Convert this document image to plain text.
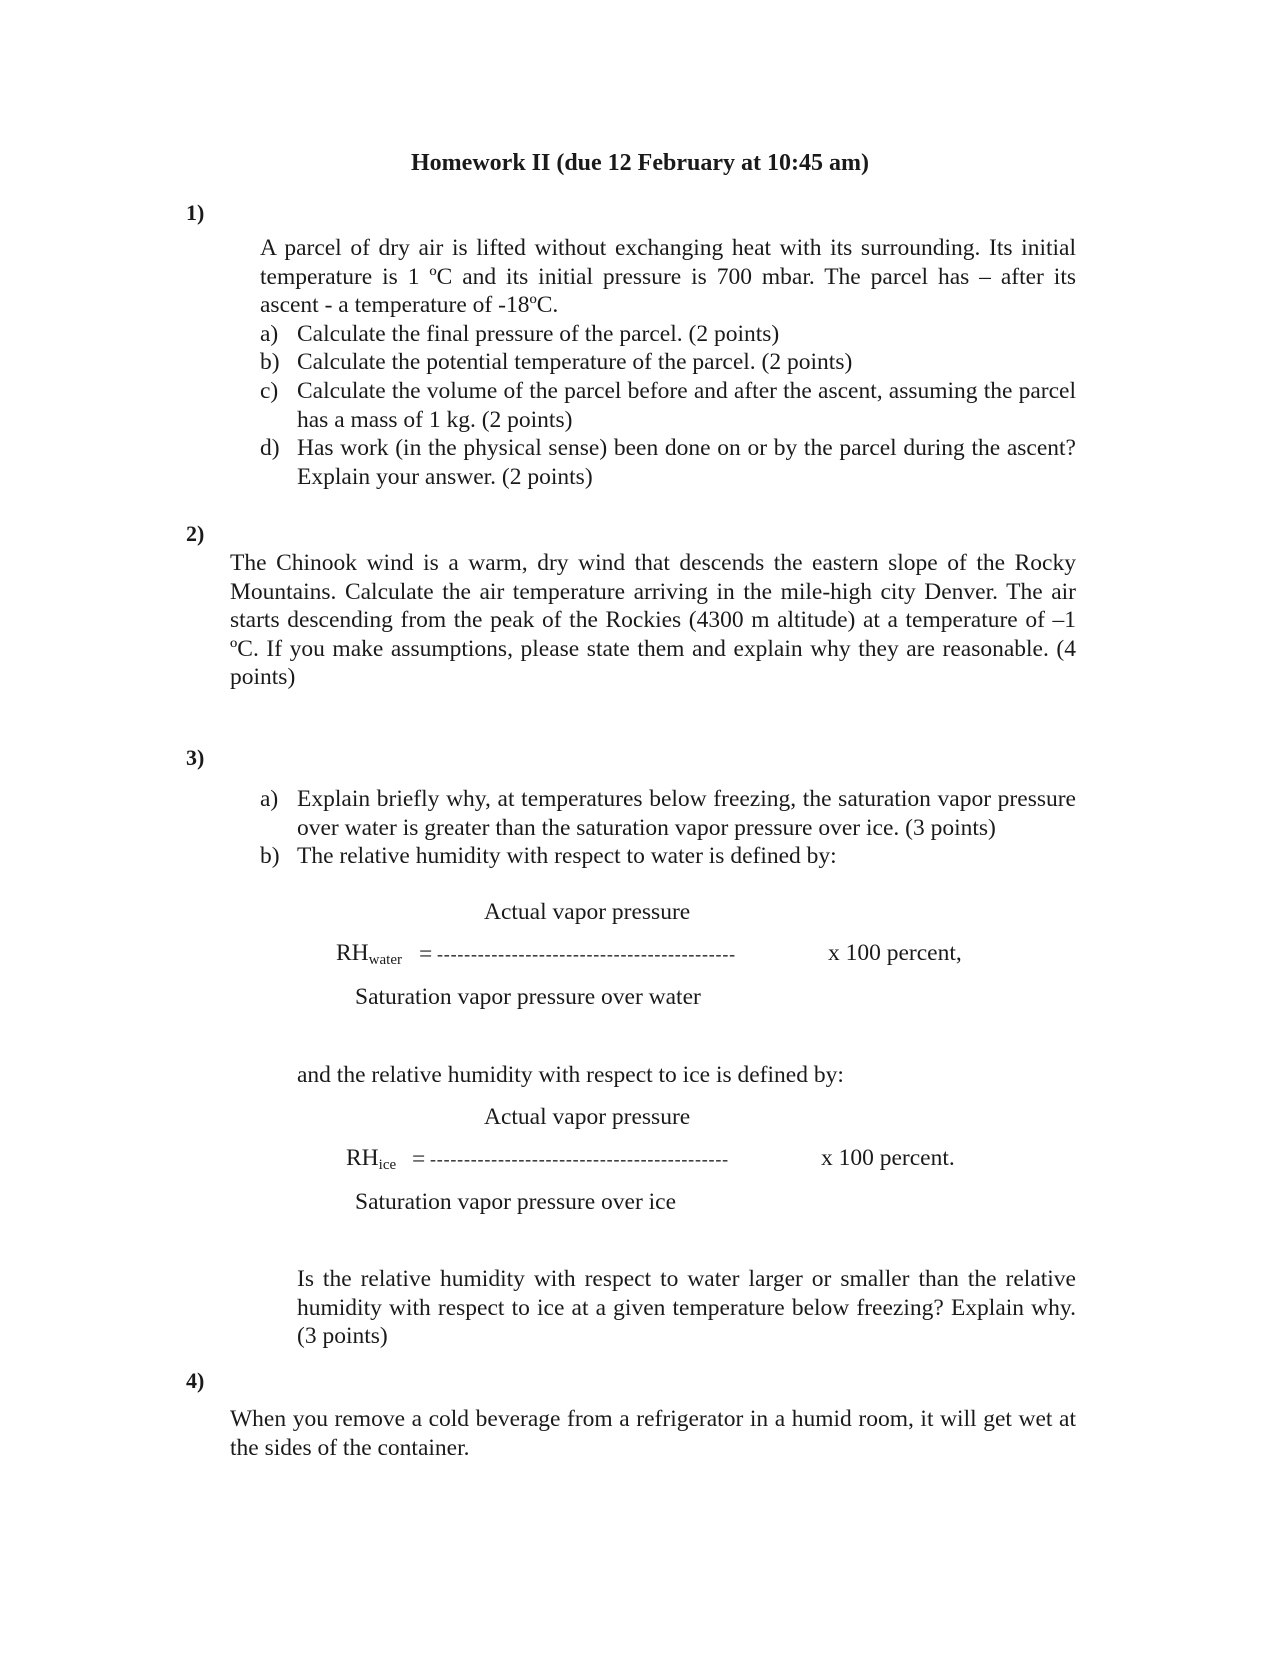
Homework II (due 12 February at 10:45 am)
1)
A parcel of dry air is lifted without exchanging heat with its surrounding. Its initial temperature is 1 ºC and its initial pressure is 700 mbar. The parcel has – after its ascent - a temperature of -18ºC.
a) Calculate the final pressure of the parcel. (2 points)
b) Calculate the potential temperature of the parcel. (2 points)
c) Calculate the volume of the parcel before and after the ascent, assuming the parcel has a mass of 1 kg. (2 points)
d) Has work (in the physical sense) been done on or by the parcel during the ascent? Explain your answer. (2 points)
2)
The Chinook wind is a warm, dry wind that descends the eastern slope of the Rocky Mountains. Calculate the air temperature arriving in the mile-high city Denver. The air starts descending from the peak of the Rockies (4300 m altitude) at a temperature of –1 ºC. If you make assumptions, please state them and explain why they are reasonable. (4 points)
3)
a) Explain briefly why, at temperatures below freezing, the saturation vapor pressure over water is greater than the saturation vapor pressure over ice. (3 points)
b) The relative humidity with respect to water is defined by:
Actual vapor pressure
$RH_{water}$ = --------------------------------------------	x 100 percent,
Saturation vapor pressure over water
and the relative humidity with respect to ice is defined by:
Actual vapor pressure
$RH_{ice}$ = --------------------------------------------	x 100 percent.
Saturation vapor pressure over ice
Is the relative humidity with respect to water larger or smaller than the relative humidity with respect to ice at a given temperature below freezing? Explain why. (3 points)
4)
When you remove a cold beverage from a refrigerator in a humid room, it will get wet at the sides of the container.
